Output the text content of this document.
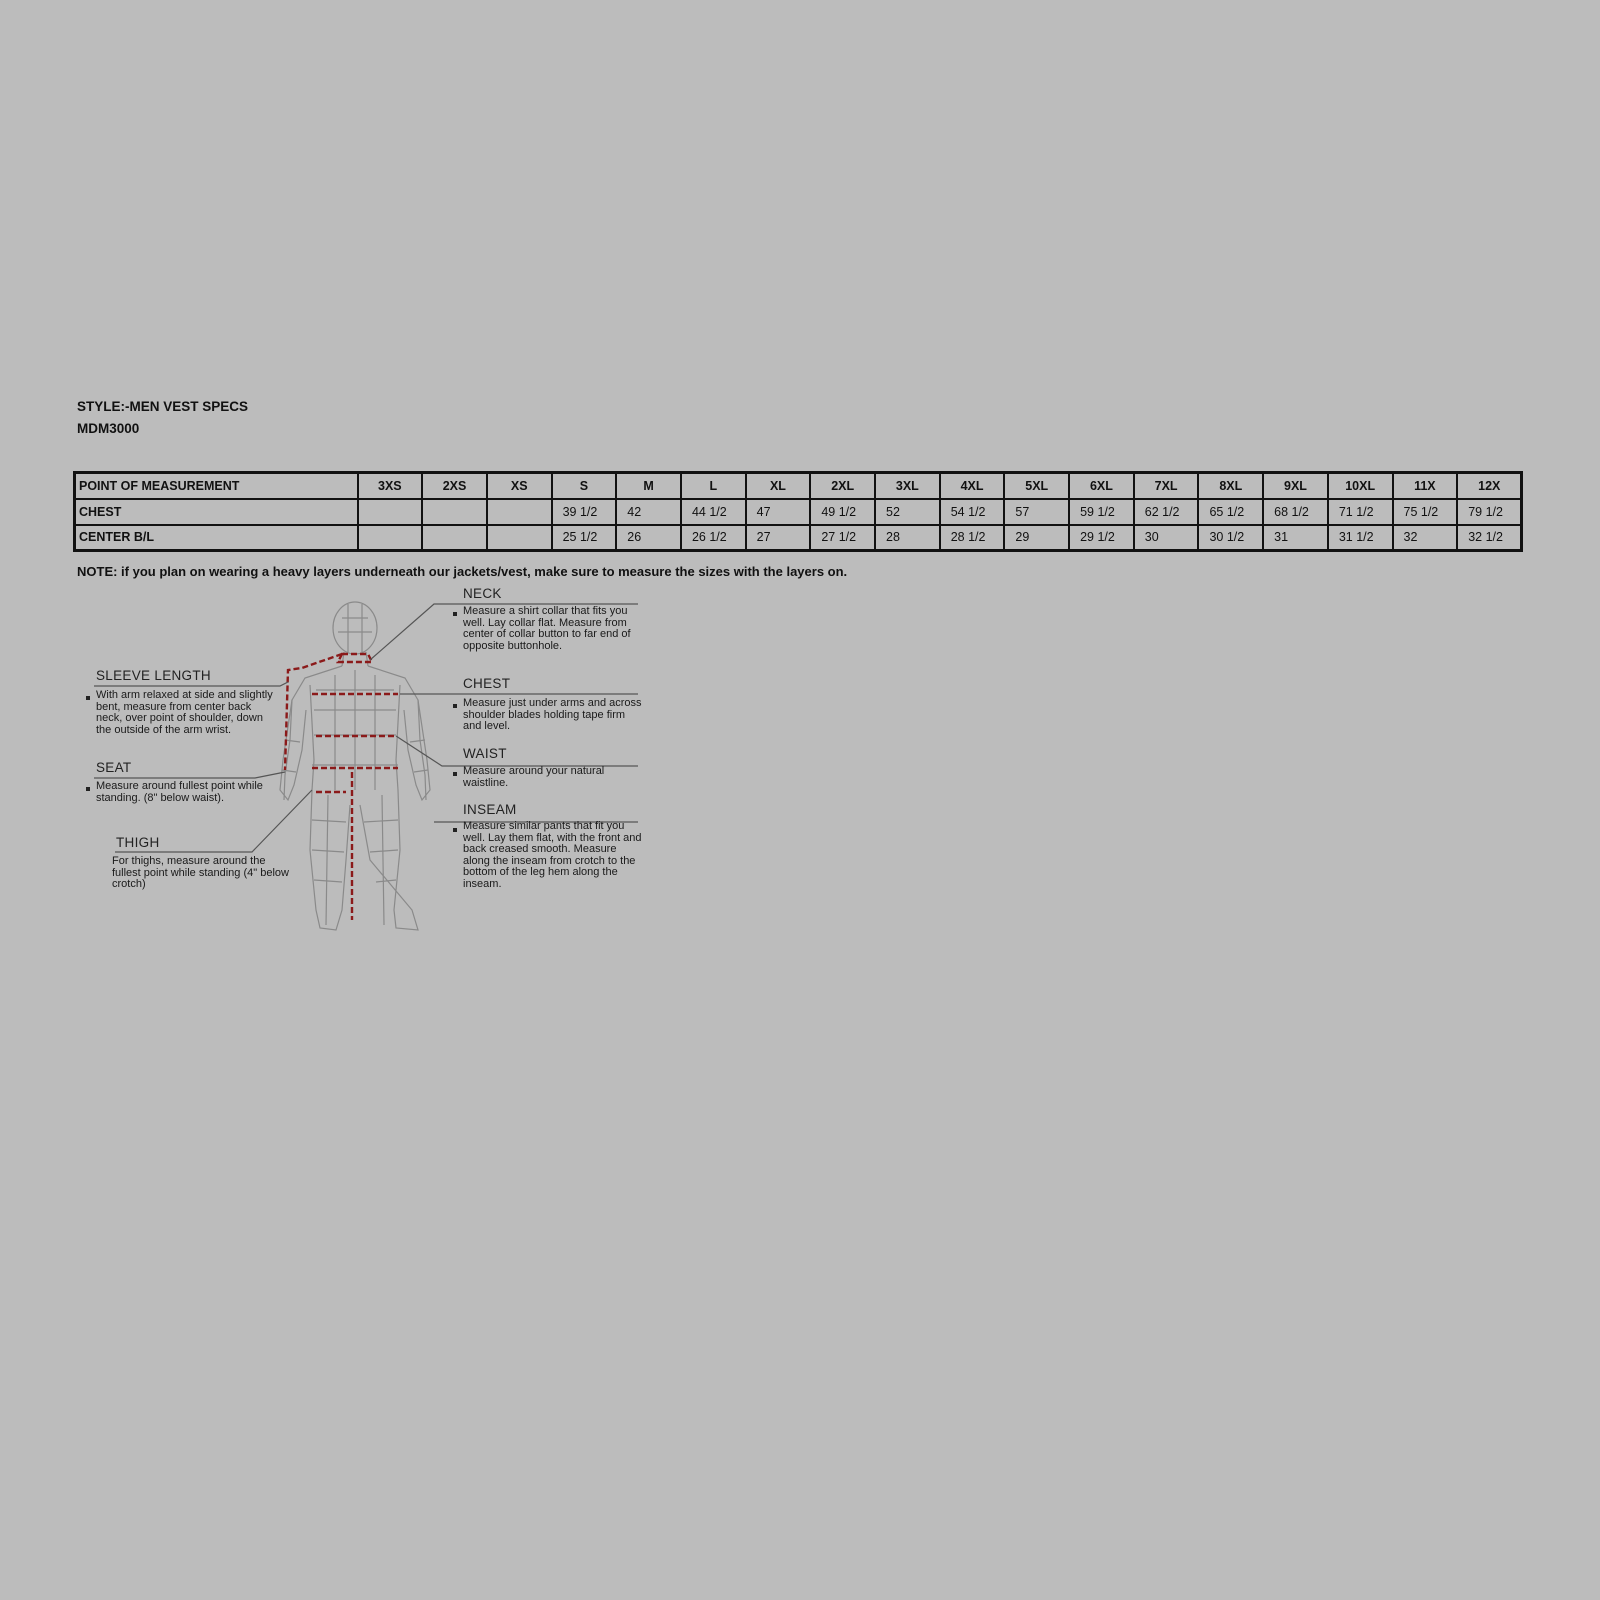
STYLE:-MEN VEST SPECS
MDM3000
POINT OF MEASUREMENT	3XS	2XS	XS	S	M	L	XL	2XL	3XL	4XL	5XL	6XL	7XL	8XL	9XL	10XL	11X	12X
CHEST				39 1/2	42	44 1/2	47	49 1/2	52	54 1/2	57	59 1/2	62 1/2	65 1/2	68 1/2	71 1/2	75 1/2	79 1/2
CENTER B/L				25 1/2	26	26 1/2	27	27 1/2	28	28 1/2	29	29 1/2	30	30 1/2	31	31 1/2	32	32 1/2
NOTE: if you plan on wearing a heavy layers underneath our jackets/vest, make sure to measure the sizes with the layers on.
NECK
Measure a shirt collar that fits you well. Lay collar flat. Measure from center of collar button to far end of opposite buttonhole.
CHEST
Measure just under arms and across shoulder blades holding tape firm and level.
WAIST
Measure around your natural waistline.
INSEAM
Measure similar pants that fit you well. Lay them flat, with the front and back creased smooth. Measure along the inseam from crotch to the bottom of the leg hem along the inseam.
SLEEVE LENGTH
With arm relaxed at side and slightly bent, measure from center back neck, over point of shoulder, down the outside of the arm wrist.
SEAT
Measure around fullest point while standing. (8" below waist).
THIGH
For thighs, measure around the fullest point while standing (4" below crotch)
